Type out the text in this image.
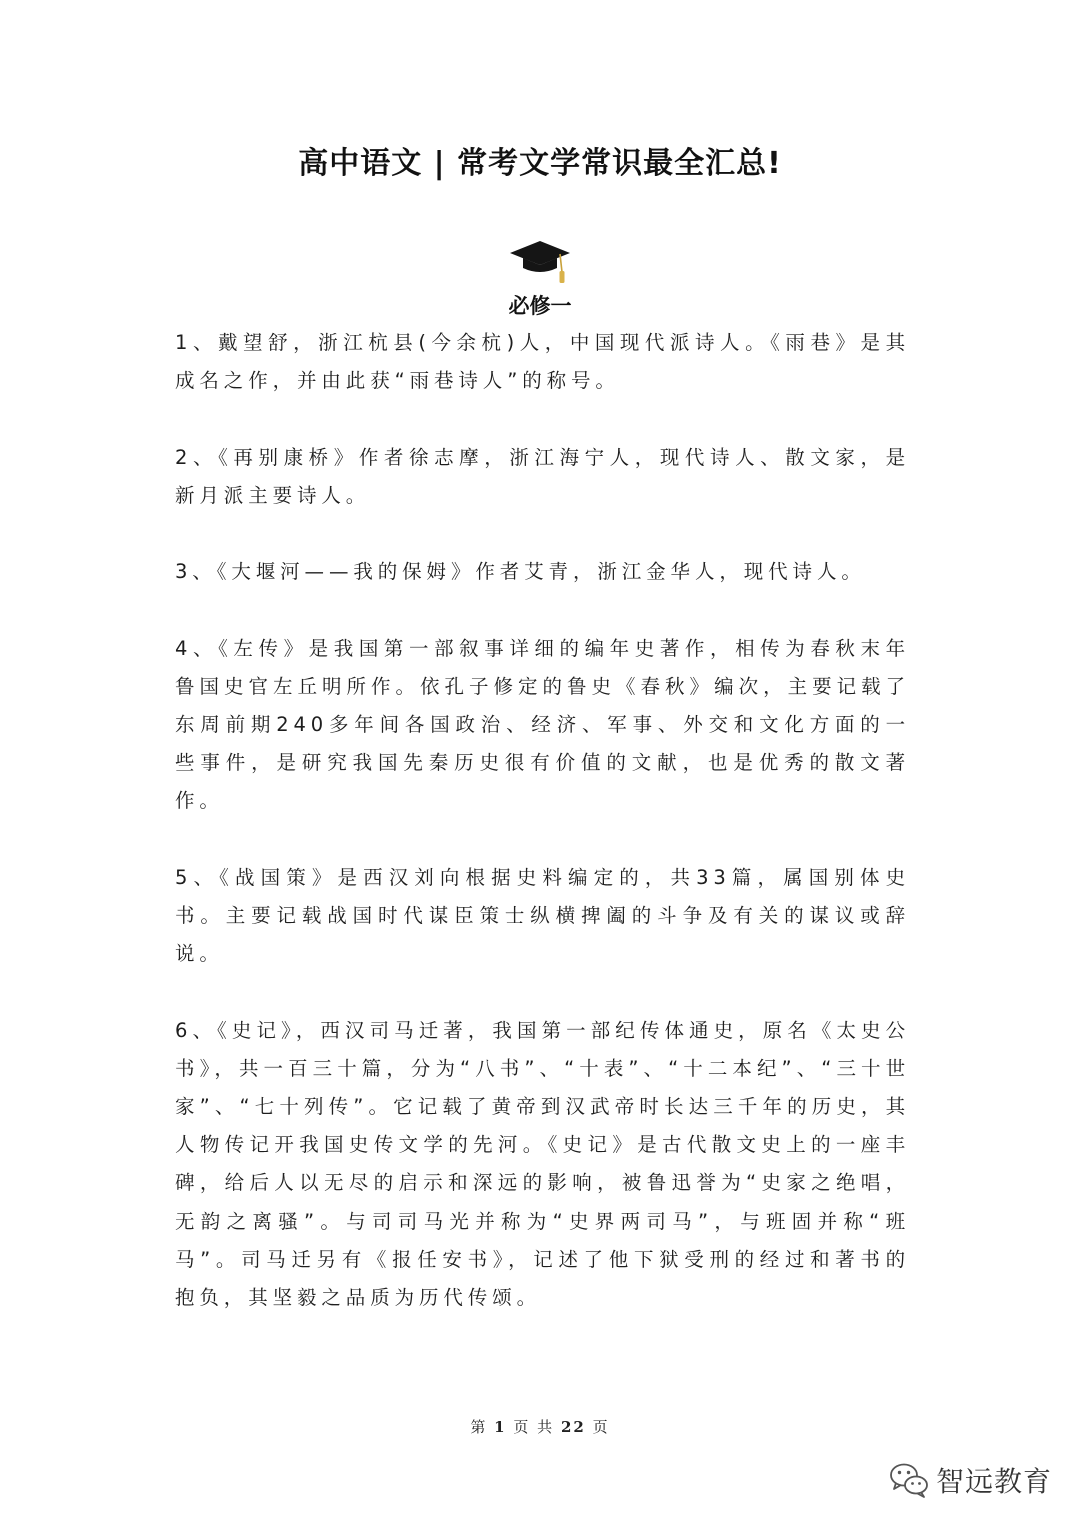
高中语文 | 常考文学常识最全汇总!
必修一

1、戴望舒，浙江杭县(今余杭)人，中国现代派诗人。《雨巷》是其成名之作，并由此获“雨巷诗人”的称号。

2、《再别康桥》作者徐志摩，浙江海宁人，现代诗人、散文家，是新月派主要诗人。

3、《大堰河——我的保姆》作者艾青，浙江金华人，现代诗人。

4、《左传》是我国第一部叙事详细的编年史著作，相传为春秋末年鲁国史官左丘明所作。依孔子修定的鲁史《春秋》编次，主要记载了东周前期240多年间各国政治、经济、军事、外交和文化方面的一些事件，是研究我国先秦历史很有价值的文献，也是优秀的散文著作。

5、《战国策》是西汉刘向根据史料编定的，共33篇，属国别体史书。主要记载战国时代谋臣策士纵横捭阖的斗争及有关的谋议或辞说。

6、《史记》，西汉司马迁著，我国第一部纪传体通史，原名《太史公书》，共一百三十篇，分为“八书”、“十表”、“十二本纪”、“三十世家”、“七十列传”。它记载了黄帝到汉武帝时长达三千年的历史，其人物传记开我国史传文学的先河。《史记》是古代散文史上的一座丰碑，给后人以无尽的启示和深远的影响，被鲁迅誉为“史家之绝唱，无韵之离骚”。与司司马光并称为“史界两司马”，与班固并称“班马”。司马迁另有《报任安书》，记述了他下狱受刑的经过和著书的抱负，其坚毅之品质为历代传颂。

第 1 页 共 22 页
智远教育
